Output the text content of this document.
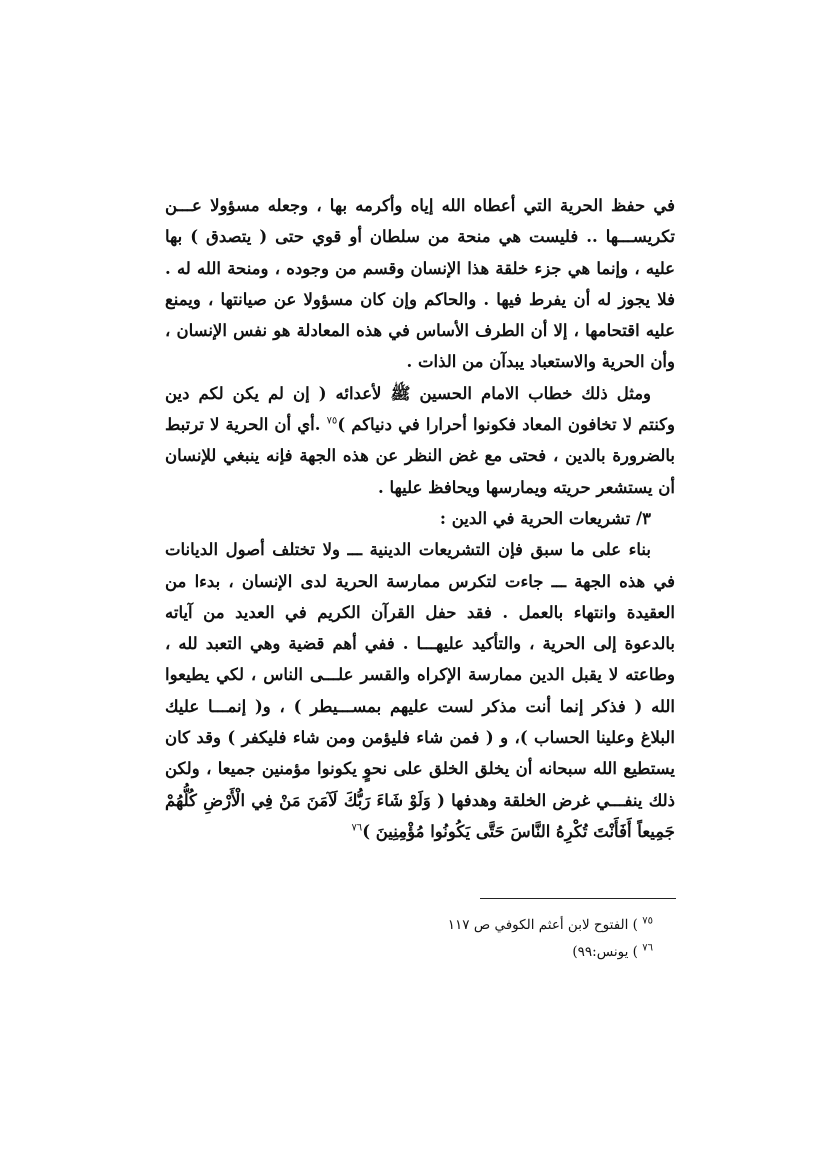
في حفظ الحرية التي أعطاه الله إياه وأكرمه بها ، وجعله مسؤولا عـــن تكريســـها .. فليست هي منحة من سلطان أو قوي حتى ( يتصدق ) بها عليه ، وإنما هي جزء خلقة هذا الإنسان وقسم من وجوده ، ومنحة الله له . فلا يجوز له أن يفرط فيها . والحاكم وإن كان مسؤولا عن صيانتها ، ويمنع عليه اقتحامها ، إلا أن الطرف الأساس في هذه المعادلة هو نفس الإنسان ، وأن الحرية والاستعباد يبدآن من الذات .

ومثل ذلك خطاب الامام الحسين ﷺ لأعدائه ( إن لم يكن لكم دين وكنتم لا تخافون المعاد فكونوا أحرارا في دنياكم )$^{٧٥}$ .أي أن الحرية لا ترتبط بالضرورة بالدين ، فحتى مع غض النظر عن هذه الجهة فإنه ينبغي للإنسان أن يستشعر حريته ويمارسها ويحافظ عليها .

٣/ تشريعات الحرية في الدين :

بناء على ما سبق فإن التشريعات الدينية ـــ ولا تختلف أصول الديانات في هذه الجهة ـــ جاءت لتكرس ممارسة الحرية لدى الإنسان ، بدءا من العقيدة وانتهاء بالعمل . فقد حفل القرآن الكريم في العديد من آياته بالدعوة إلى الحرية ، والتأكيد عليهـــا . ففي أهم قضية وهي التعبد لله ، وطاعته لا يقبل الدين ممارسة الإكراه والقسر علـــى الناس ، لكي يطيعوا الله ( فذكر إنما أنت مذكر لست عليهم بمســـيطر ) ، و( إنمـــا عليك البلاغ وعلينا الحساب )، و ( فمن شاء فليؤمن ومن شاء فليكفر ) وقد كان يستطيع الله سبحانه أن يخلق الخلق على نحوٍ يكونوا مؤمنين جميعا ، ولكن ذلك ينفـــي غرض الخلقة وهدفها ( وَلَوْ شَاءَ رَبُّكَ لَآمَنَ مَنْ فِي الْأَرْضِ كُلُّهُمْ جَمِيعاً أَفَأَنْتَ تُكْرِهُ النَّاسَ حَتَّى يَكُونُوا مُؤْمِنِينَ )$^{٧٦}$

$^{٧٥}$ ) الفتوح لابن أعثم الكوفي ص ١١٧
$^{٧٦}$ ) يونس:٩٩)
